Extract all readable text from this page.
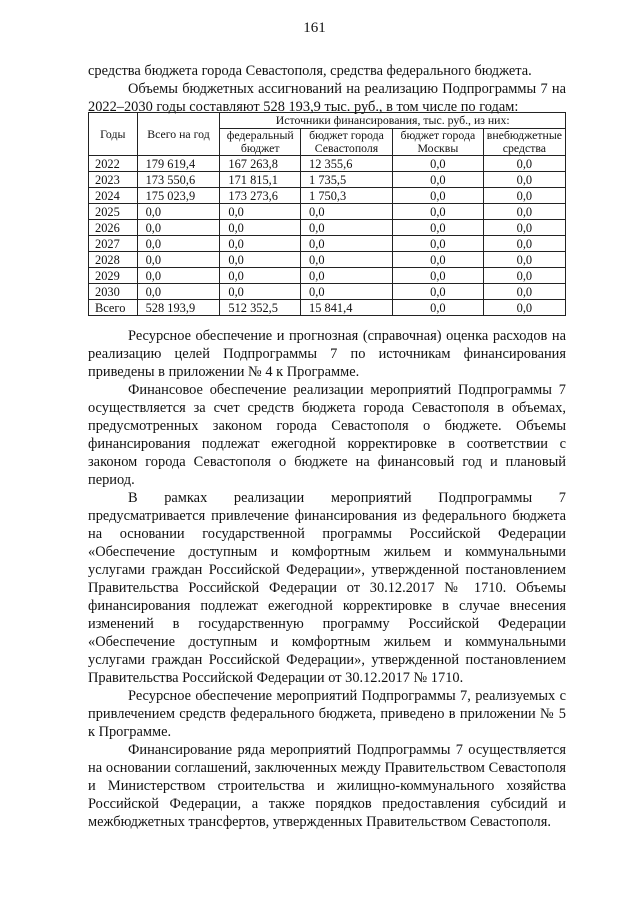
161

средства бюджета города Севастополя, средства федерального бюджета.

Объемы бюджетных ассигнований на реализацию Подпрограммы 7 на 2022–2030 годы составляют 528 193,9 тыс. руб., в том числе по годам:

Годы	Всего на год	Источники финансирования, тыс. руб., из них:			
		федеральный бюджет	бюджет города Севастополя	бюджет города Москвы	внебюджетные средства
2022	179 619,4	167 263,8	12 355,6	0,0	0,0
2023	173 550,6	171 815,1	1 735,5	0,0	0,0
2024	175 023,9	173 273,6	1 750,3	0,0	0,0
2025	0,0	0,0	0,0	0,0	0,0
2026	0,0	0,0	0,0	0,0	0,0
2027	0,0	0,0	0,0	0,0	0,0
2028	0,0	0,0	0,0	0,0	0,0
2029	0,0	0,0	0,0	0,0	0,0
2030	0,0	0,0	0,0	0,0	0,0
Всего	528 193,9	512 352,5	15 841,4	0,0	0,0

Ресурсное обеспечение и прогнозная (справочная) оценка расходов на реализацию целей Подпрограммы 7 по источникам финансирования приведены в приложении № 4 к Программе.

Финансовое обеспечение реализации мероприятий Подпрограммы 7 осуществляется за счет средств бюджета города Севастополя в объемах, предусмотренных законом города Севастополя о бюджете. Объемы финансирования подлежат ежегодной корректировке в соответствии с законом города Севастополя о бюджете на финансовый год и плановый период.

В рамках реализации мероприятий Подпрограммы 7 предусматривается привлечение финансирования из федерального бюджета на основании государственной программы Российской Федерации «Обеспечение доступным и комфортным жильем и коммунальными услугами граждан Российской Федерации», утвержденной постановлением Правительства Российской Федерации от 30.12.2017 № 1710. Объемы финансирования подлежат ежегодной корректировке в случае внесения изменений в государственную программу Российской Федерации «Обеспечение доступным и комфортным жильем и коммунальными услугами граждан Российской Федерации», утвержденной постановлением Правительства Российской Федерации от 30.12.2017 № 1710.

Ресурсное обеспечение мероприятий Подпрограммы 7, реализуемых с привлечением средств федерального бюджета, приведено в приложении № 5 к Программе.

Финансирование ряда мероприятий Подпрограммы 7 осуществляется на основании соглашений, заключенных между Правительством Севастополя и Министерством строительства и жилищно-коммунального хозяйства Российской Федерации, а также порядков предоставления субсидий и межбюджетных трансфертов, утвержденных Правительством Севастополя.
